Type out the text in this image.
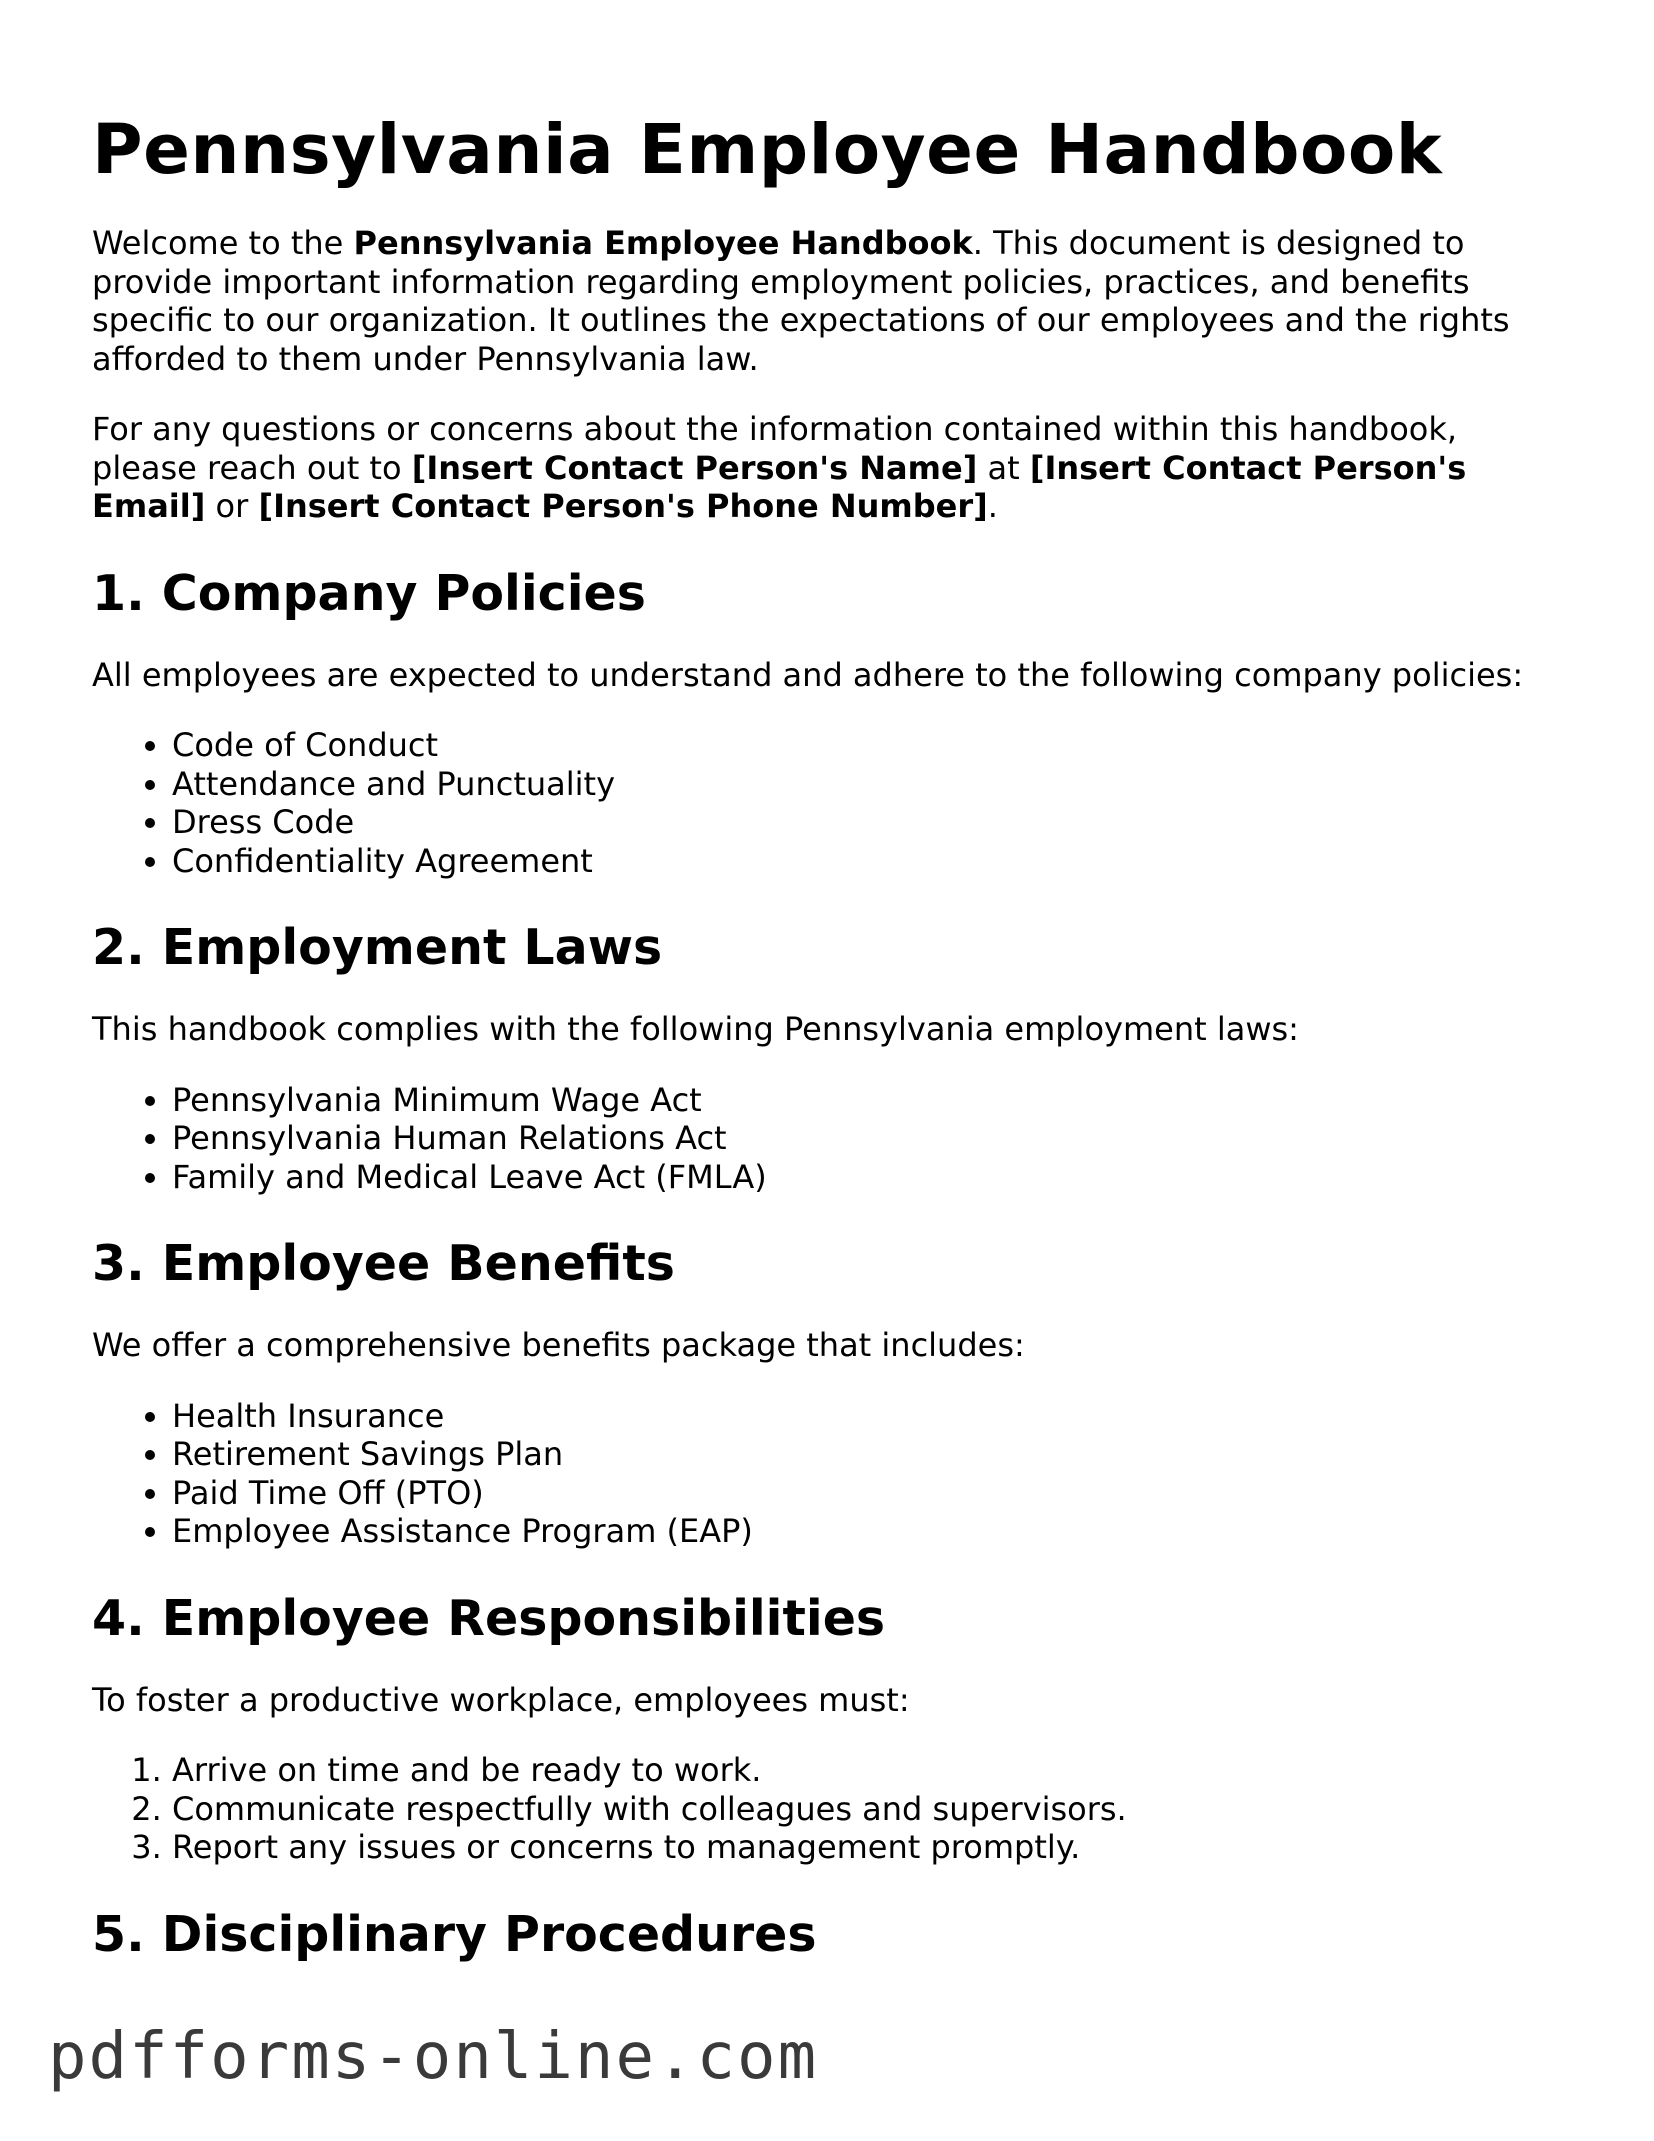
Pennsylvania Employee Handbook

Welcome to the Pennsylvania Employee Handbook. This document is designed to provide important information regarding employment policies, practices, and benefits specific to our organization. It outlines the expectations of our employees and the rights afforded to them under Pennsylvania law.

For any questions or concerns about the information contained within this handbook, please reach out to [Insert Contact Person's Name] at [Insert Contact Person's Email] or [Insert Contact Person's Phone Number].

1. Company Policies

All employees are expected to understand and adhere to the following company policies:

• Code of Conduct
• Attendance and Punctuality
• Dress Code
• Confidentiality Agreement
2. Employment Laws

This handbook complies with the following Pennsylvania employment laws:

• Pennsylvania Minimum Wage Act
• Pennsylvania Human Relations Act
• Family and Medical Leave Act (FMLA)
3. Employee Benefits

We offer a comprehensive benefits package that includes:

• Health Insurance
• Retirement Savings Plan
• Paid Time Off (PTO)
• Employee Assistance Program (EAP)
4. Employee Responsibilities

To foster a productive workplace, employees must:

1. Arrive on time and be ready to work.
2. Communicate respectfully with colleagues and supervisors.
3. Report any issues or concerns to management promptly.
5. Disciplinary Procedures
pdfforms-online.com
